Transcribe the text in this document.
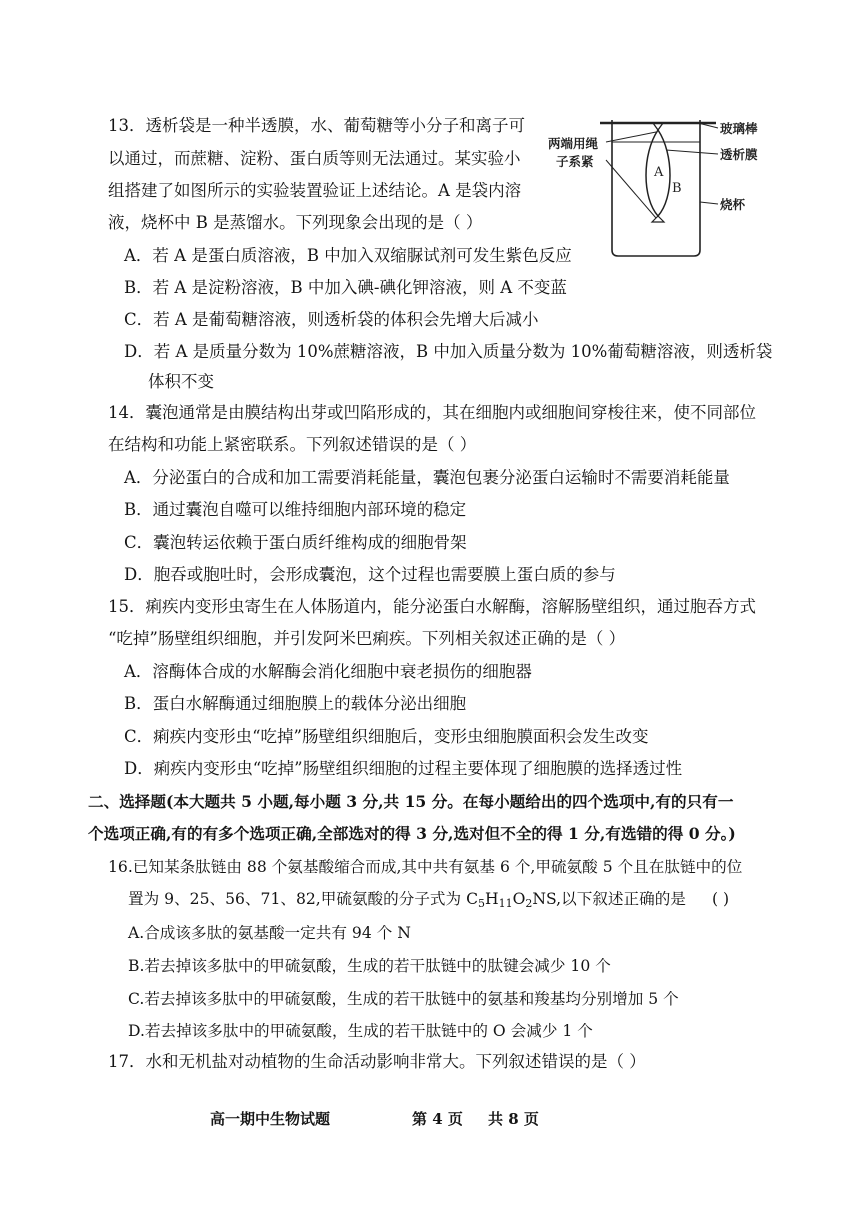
13．透析袋是一种半透膜，水、葡萄糖等小分子和离子可
以通过，而蔗糖、淀粉、蛋白质等则无法通过。某实验小
组搭建了如图所示的实验装置验证上述结论。A 是袋内溶
液，烧杯中 B 是蒸馏水。下列现象会出现的是（ ）
A．若 A 是蛋白质溶液，B 中加入双缩脲试剂可发生紫色反应
B．若 A 是淀粉溶液，B 中加入碘-碘化钾溶液，则 A 不变蓝
C．若 A 是葡萄糖溶液，则透析袋的体积会先增大后减小
D．若 A 是质量分数为 10%蔗糖溶液，B 中加入质量分数为 10%葡萄糖溶液，则透析袋
体积不变
A
B
两端用绳
子系紧
玻璃棒
透析膜
烧杯
14．囊泡通常是由膜结构出芽或凹陷形成的，其在细胞内或细胞间穿梭往来，使不同部位
在结构和功能上紧密联系。下列叙述错误的是（ ）
A．分泌蛋白的合成和加工需要消耗能量，囊泡包裹分泌蛋白运输时不需要消耗能量
B．通过囊泡自噬可以维持细胞内部环境的稳定
C．囊泡转运依赖于蛋白质纤维构成的细胞骨架
D．胞吞或胞吐时，会形成囊泡，这个过程也需要膜上蛋白质的参与
15．痢疾内变形虫寄生在人体肠道内，能分泌蛋白水解酶，溶解肠壁组织，通过胞吞方式
“吃掉”肠壁组织细胞，并引发阿米巴痢疾。下列相关叙述正确的是（ ）
A．溶酶体合成的水解酶会消化细胞中衰老损伤的细胞器
B．蛋白水解酶通过细胞膜上的载体分泌出细胞
C．痢疾内变形虫“吃掉”肠壁组织细胞后，变形虫细胞膜面积会发生改变
D．痢疾内变形虫“吃掉”肠壁组织细胞的过程主要体现了细胞膜的选择透过性
二、选择题(本大题共 5 小题,每小题 3 分,共 15 分。在每小题给出的四个选项中,有的只有一
个选项正确,有的有多个选项正确,全部选对的得 3 分,选对但不全的得 1 分,有选错的得 0 分。)
16.已知某条肽链由 88 个氨基酸缩合而成,其中共有氨基 6 个,甲硫氨酸 5 个且在肽链中的位
置为 9、25、56、71、82,甲硫氨酸的分子式为 $C_5H_{11}O_2NS$,以下叙述正确的是 ( )
A.合成该多肽的氨基酸一定共有 94 个 N
B.若去掉该多肽中的甲硫氨酸，生成的若干肽链中的肽键会减少 10 个
C.若去掉该多肽中的甲硫氨酸，生成的若干肽链中的氨基和羧基均分别增加 5 个
D.若去掉该多肽中的甲硫氨酸，生成的若干肽链中的 O 会减少 1 个
17．水和无机盐对动植物的生命活动影响非常大。下列叙述错误的是（ ）
高一期中生物试题	第 4 页 共 8 页
